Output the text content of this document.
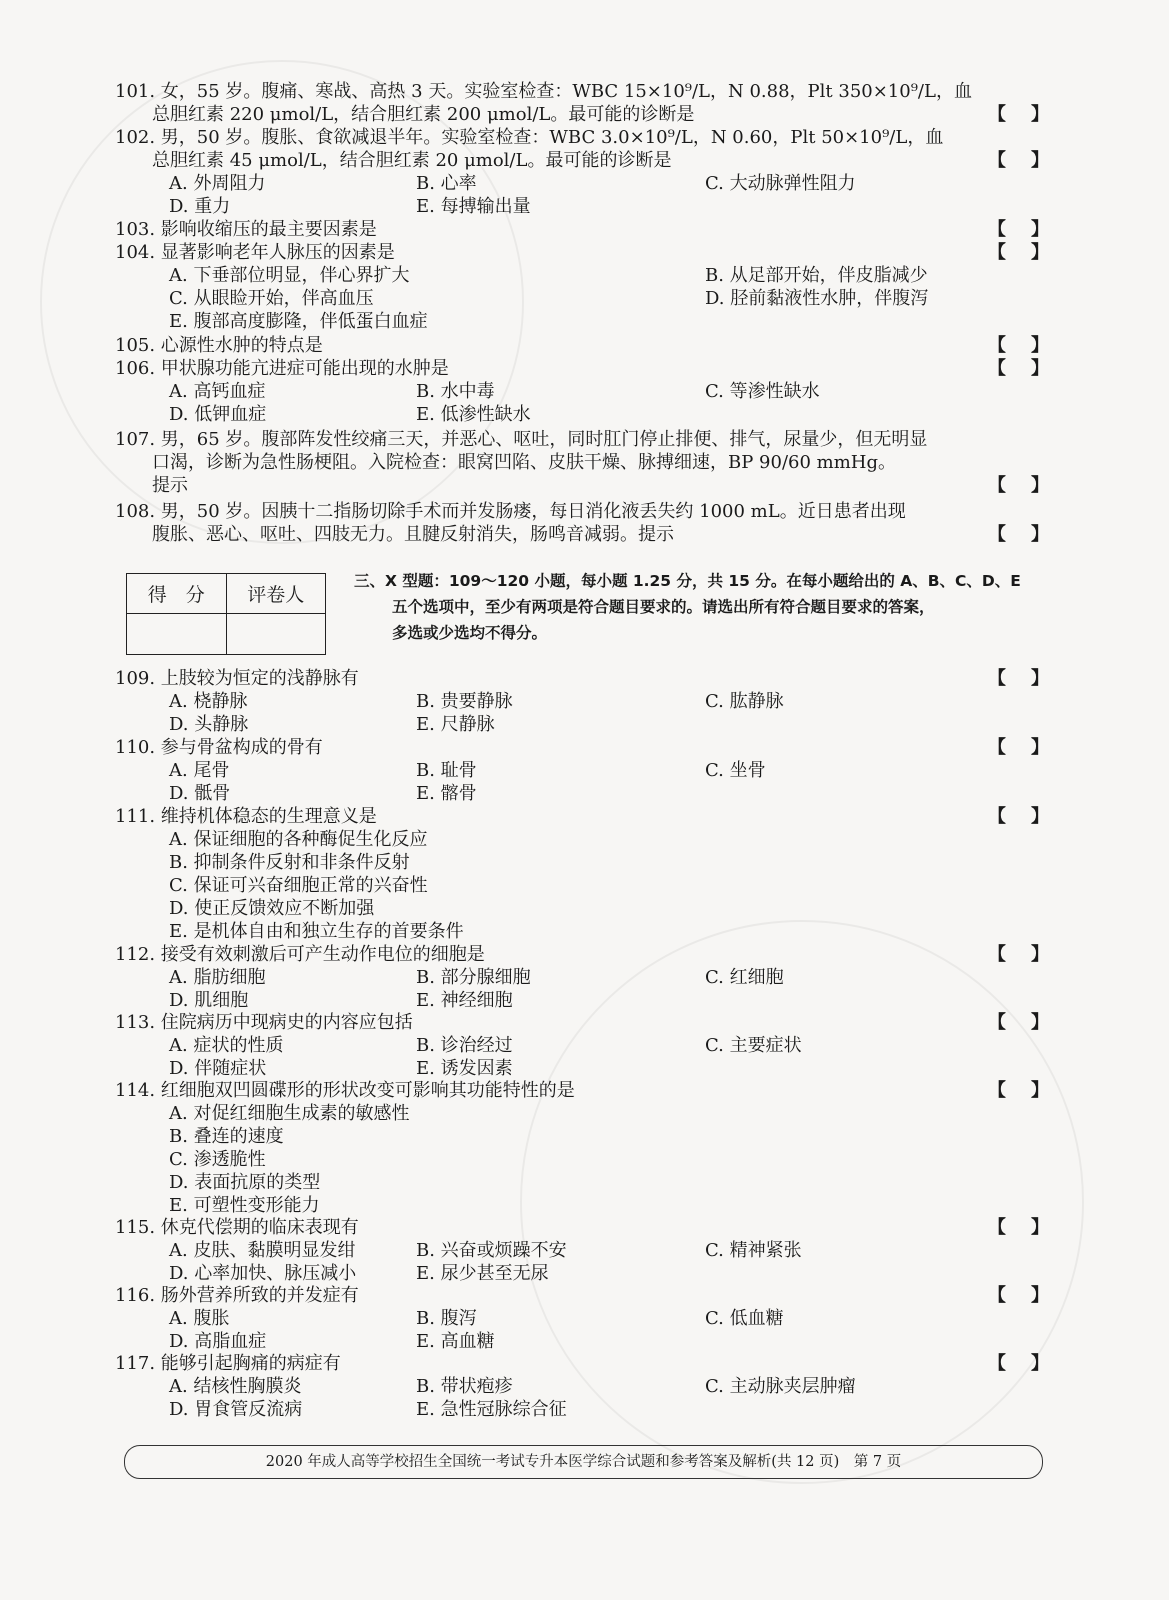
101. 女，55 岁。腹痛、寒战、高热 3 天。实验室检查：WBC 15×10⁹/L，N 0.88，Plt 350×10⁹/L，血
总胆红素 220 μmol/L，结合胆红素 200 μmol/L。最可能的诊断是	【    】
102. 男，50 岁。腹胀、食欲减退半年。实验室检查：WBC 3.0×10⁹/L，N 0.60，Plt 50×10⁹/L，血
总胆红素 45 μmol/L，结合胆红素 20 μmol/L。最可能的诊断是	【    】
A. 外周阻力	B. 心率	C. 大动脉弹性阻力
D. 重力	E. 每搏输出量
103. 影响收缩压的最主要因素是	【    】
104. 显著影响老年人脉压的因素是	【    】
A. 下垂部位明显，伴心界扩大	B. 从足部开始，伴皮脂减少
C. 从眼睑开始，伴高血压	D. 胫前黏液性水肿，伴腹泻
E. 腹部高度膨隆，伴低蛋白血症
105. 心源性水肿的特点是	【    】
106. 甲状腺功能亢进症可能出现的水肿是	【    】
A. 高钙血症	B. 水中毒	C. 等渗性缺水
D. 低钾血症	E. 低渗性缺水
107. 男，65 岁。腹部阵发性绞痛三天，并恶心、呕吐，同时肛门停止排便、排气，尿量少，但无明显
口渴，诊断为急性肠梗阻。入院检查：眼窝凹陷、皮肤干燥、脉搏细速，BP 90/60 mmHg。
提示	【    】
108. 男，50 岁。因胰十二指肠切除手术而并发肠瘘，每日消化液丢失约 1000 mL。近日患者出现
腹胀、恶心、呕吐、四肢无力。且腱反射消失，肠鸣音减弱。提示	【    】
得　分	评卷人

三、X 型题：109～120 小题，每小题 1.25 分，共 15 分。在每小题给出的 A、B、C、D、E
五个选项中，至少有两项是符合题目要求的。请选出所有符合题目要求的答案，
多选或少选均不得分。
109. 上肢较为恒定的浅静脉有	【    】
A. 桡静脉	B. 贵要静脉	C. 肱静脉
D. 头静脉	E. 尺静脉
110. 参与骨盆构成的骨有	【    】
A. 尾骨	B. 耻骨	C. 坐骨
D. 骶骨	E. 髂骨
111. 维持机体稳态的生理意义是	【    】
A. 保证细胞的各种酶促生化反应
B. 抑制条件反射和非条件反射
C. 保证可兴奋细胞正常的兴奋性
D. 使正反馈效应不断加强
E. 是机体自由和独立生存的首要条件
112. 接受有效刺激后可产生动作电位的细胞是	【    】
A. 脂肪细胞	B. 部分腺细胞	C. 红细胞
D. 肌细胞	E. 神经细胞
113. 住院病历中现病史的内容应包括	【    】
A. 症状的性质	B. 诊治经过	C. 主要症状
D. 伴随症状	E. 诱发因素
114. 红细胞双凹圆碟形的形状改变可影响其功能特性的是	【    】
A. 对促红细胞生成素的敏感性
B. 叠连的速度
C. 渗透脆性
D. 表面抗原的类型
E. 可塑性变形能力
115. 休克代偿期的临床表现有	【    】
A. 皮肤、黏膜明显发绀	B. 兴奋或烦躁不安	C. 精神紧张
D. 心率加快、脉压减小	E. 尿少甚至无尿
116. 肠外营养所致的并发症有	【    】
A. 腹胀	B. 腹泻	C. 低血糖
D. 高脂血症	E. 高血糖
117. 能够引起胸痛的病症有	【    】
A. 结核性胸膜炎	B. 带状疱疹	C. 主动脉夹层肿瘤
D. 胃食管反流病	E. 急性冠脉综合征
2020 年成人高等学校招生全国统一考试专升本医学综合试题和参考答案及解析(共 12 页)　第 7 页
